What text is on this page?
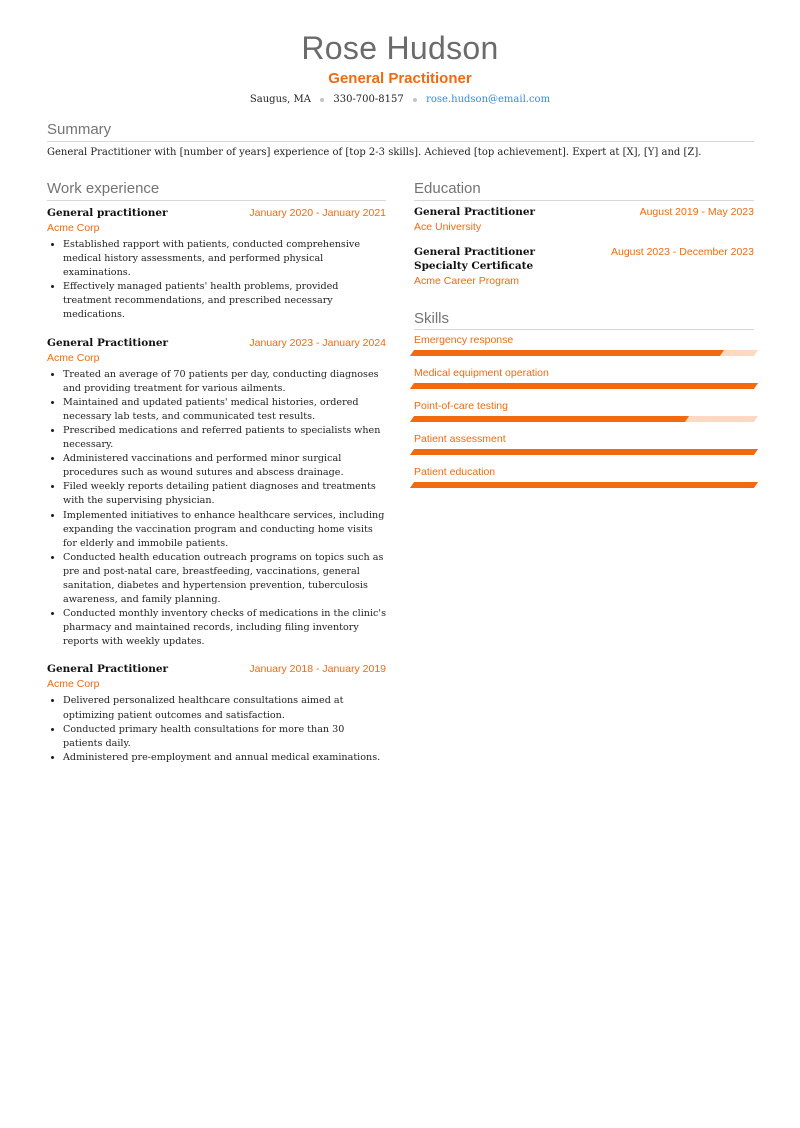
Rose Hudson
General Practitioner
Saugus, MA 330-700-8157 rose.hudson@email.com
Summary
General Practitioner with [number of years] experience of [top 2-3 skills]. Achieved [top achievement]. Expert at [X], [Y] and [Z].
Work experience
General practitioner	January 2020 - January 2021
Acme Corp
• Established rapport with patients, conducted comprehensive medical history assessments, and performed physical examinations.
• Effectively managed patients' health problems, provided treatment recommendations, and prescribed necessary medications.
General Practitioner	January 2023 - January 2024
Acme Corp
• Treated an average of 70 patients per day, conducting diagnoses and providing treatment for various ailments.
• Maintained and updated patients' medical histories, ordered necessary lab tests, and communicated test results.
• Prescribed medications and referred patients to specialists when necessary.
• Administered vaccinations and performed minor surgical procedures such as wound sutures and abscess drainage.
• Filed weekly reports detailing patient diagnoses and treatments with the supervising physician.
• Implemented initiatives to enhance healthcare services, including expanding the vaccination program and conducting home visits for elderly and immobile patients.
• Conducted health education outreach programs on topics such as pre and post-natal care, breastfeeding, vaccinations, general sanitation, diabetes and hypertension prevention, tuberculosis awareness, and family planning.
• Conducted monthly inventory checks of medications in the clinic's pharmacy and maintained records, including filing inventory reports with weekly updates.
General Practitioner	January 2018 - January 2019
Acme Corp
• Delivered personalized healthcare consultations aimed at optimizing patient outcomes and satisfaction.
• Conducted primary health consultations for more than 30 patients daily.
• Administered pre-employment and annual medical examinations.
Education
General Practitioner	August 2019 - May 2023
Ace University
General Practitioner Specialty Certificate
August 2023 - December 2023
Acme Career Program
Skills
Emergency response
Medical equipment operation
Point-of-care testing
Patient assessment
Patient education
